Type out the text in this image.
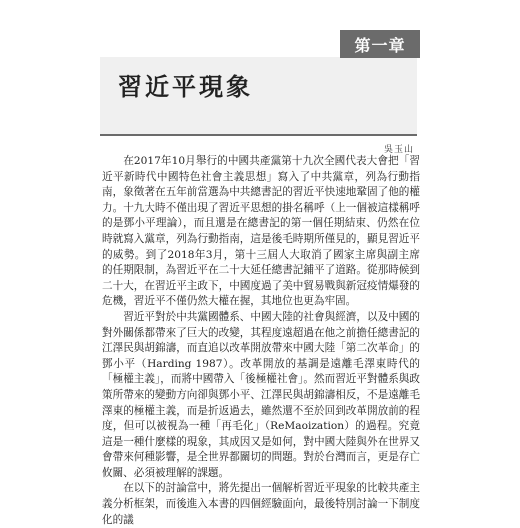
第一章
習近平現象
吳玉山

在2017年10月舉行的中國共產黨第十九次全國代表大會把「習近平新時代中國特色社會主義思想」寫入了中共黨章，列為行動指南，象徵著在五年前當選為中共總書記的習近平快速地鞏固了他的權力。十九大時不僅出現了習近平思想的掛名稱呼（上一個被這樣稱呼的是鄧小平理論），而且還是在總書記的第一個任期結束、仍然在位時就寫入黨章，列為行動指南，這是後毛時期所僅見的，顯見習近平的威勢。到了2018年3月，第十三屆人大取消了國家主席與副主席的任期限制，為習近平在二十大延任總書記鋪平了道路。從那時候到二十大，在習近平主政下，中國度過了美中貿易戰與新冠疫情爆發的危機，習近平不僅仍然大權在握，其地位也更為牢固。

習近平對於中共黨國體系、中國大陸的社會與經濟，以及中國的對外關係都帶來了巨大的改變，其程度遠超過在他之前擔任總書記的江澤民與胡錦濤，而直追以改革開放帶來中國大陸「第二次革命」的鄧小平（Harding 1987）。改革開放的基調是遠離毛澤東時代的「極權主義」，而將中國帶入「後極權社會」。然而習近平對體系與政策所帶來的變動方向卻與鄧小平、江澤民與胡錦濤相反，不是遠離毛澤東的極權主義，而是折返過去，雖然還不至於回到改革開放前的程度，但可以被視為一種「再毛化」（ReMaoization）的過程。究竟這是一種什麼樣的現象，其成因又是如何，對中國大陸與外在世界又會帶來何種影響，是全世界都關切的問題。對於台灣而言，更是存亡攸關、必須被理解的課題。

在以下的討論當中，將先提出一個解析習近平現象的比較共產主義分析框架，而後進入本書的四個經驗面向，最後特別討論一下制度化的議
